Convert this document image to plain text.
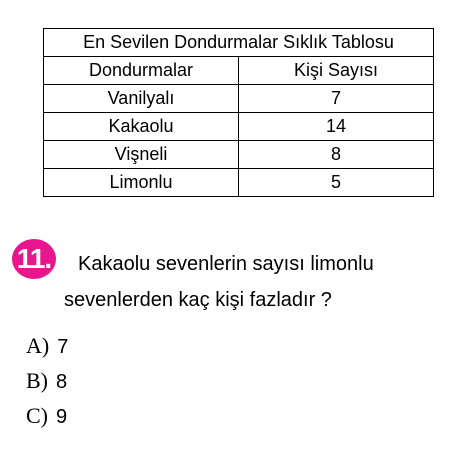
En Sevilen Dondurmalar Sıklık Tablosu	
Dondurmalar	Kişi Sayısı
Vanilyalı	7
Kakaolu	14
Vişneli	8
Limonlu	5
11. Kakaolu sevenlerin sayısı limonlu
sevenlerden kaç kişi fazladır ?
A) 7
B) 8
C) 9
